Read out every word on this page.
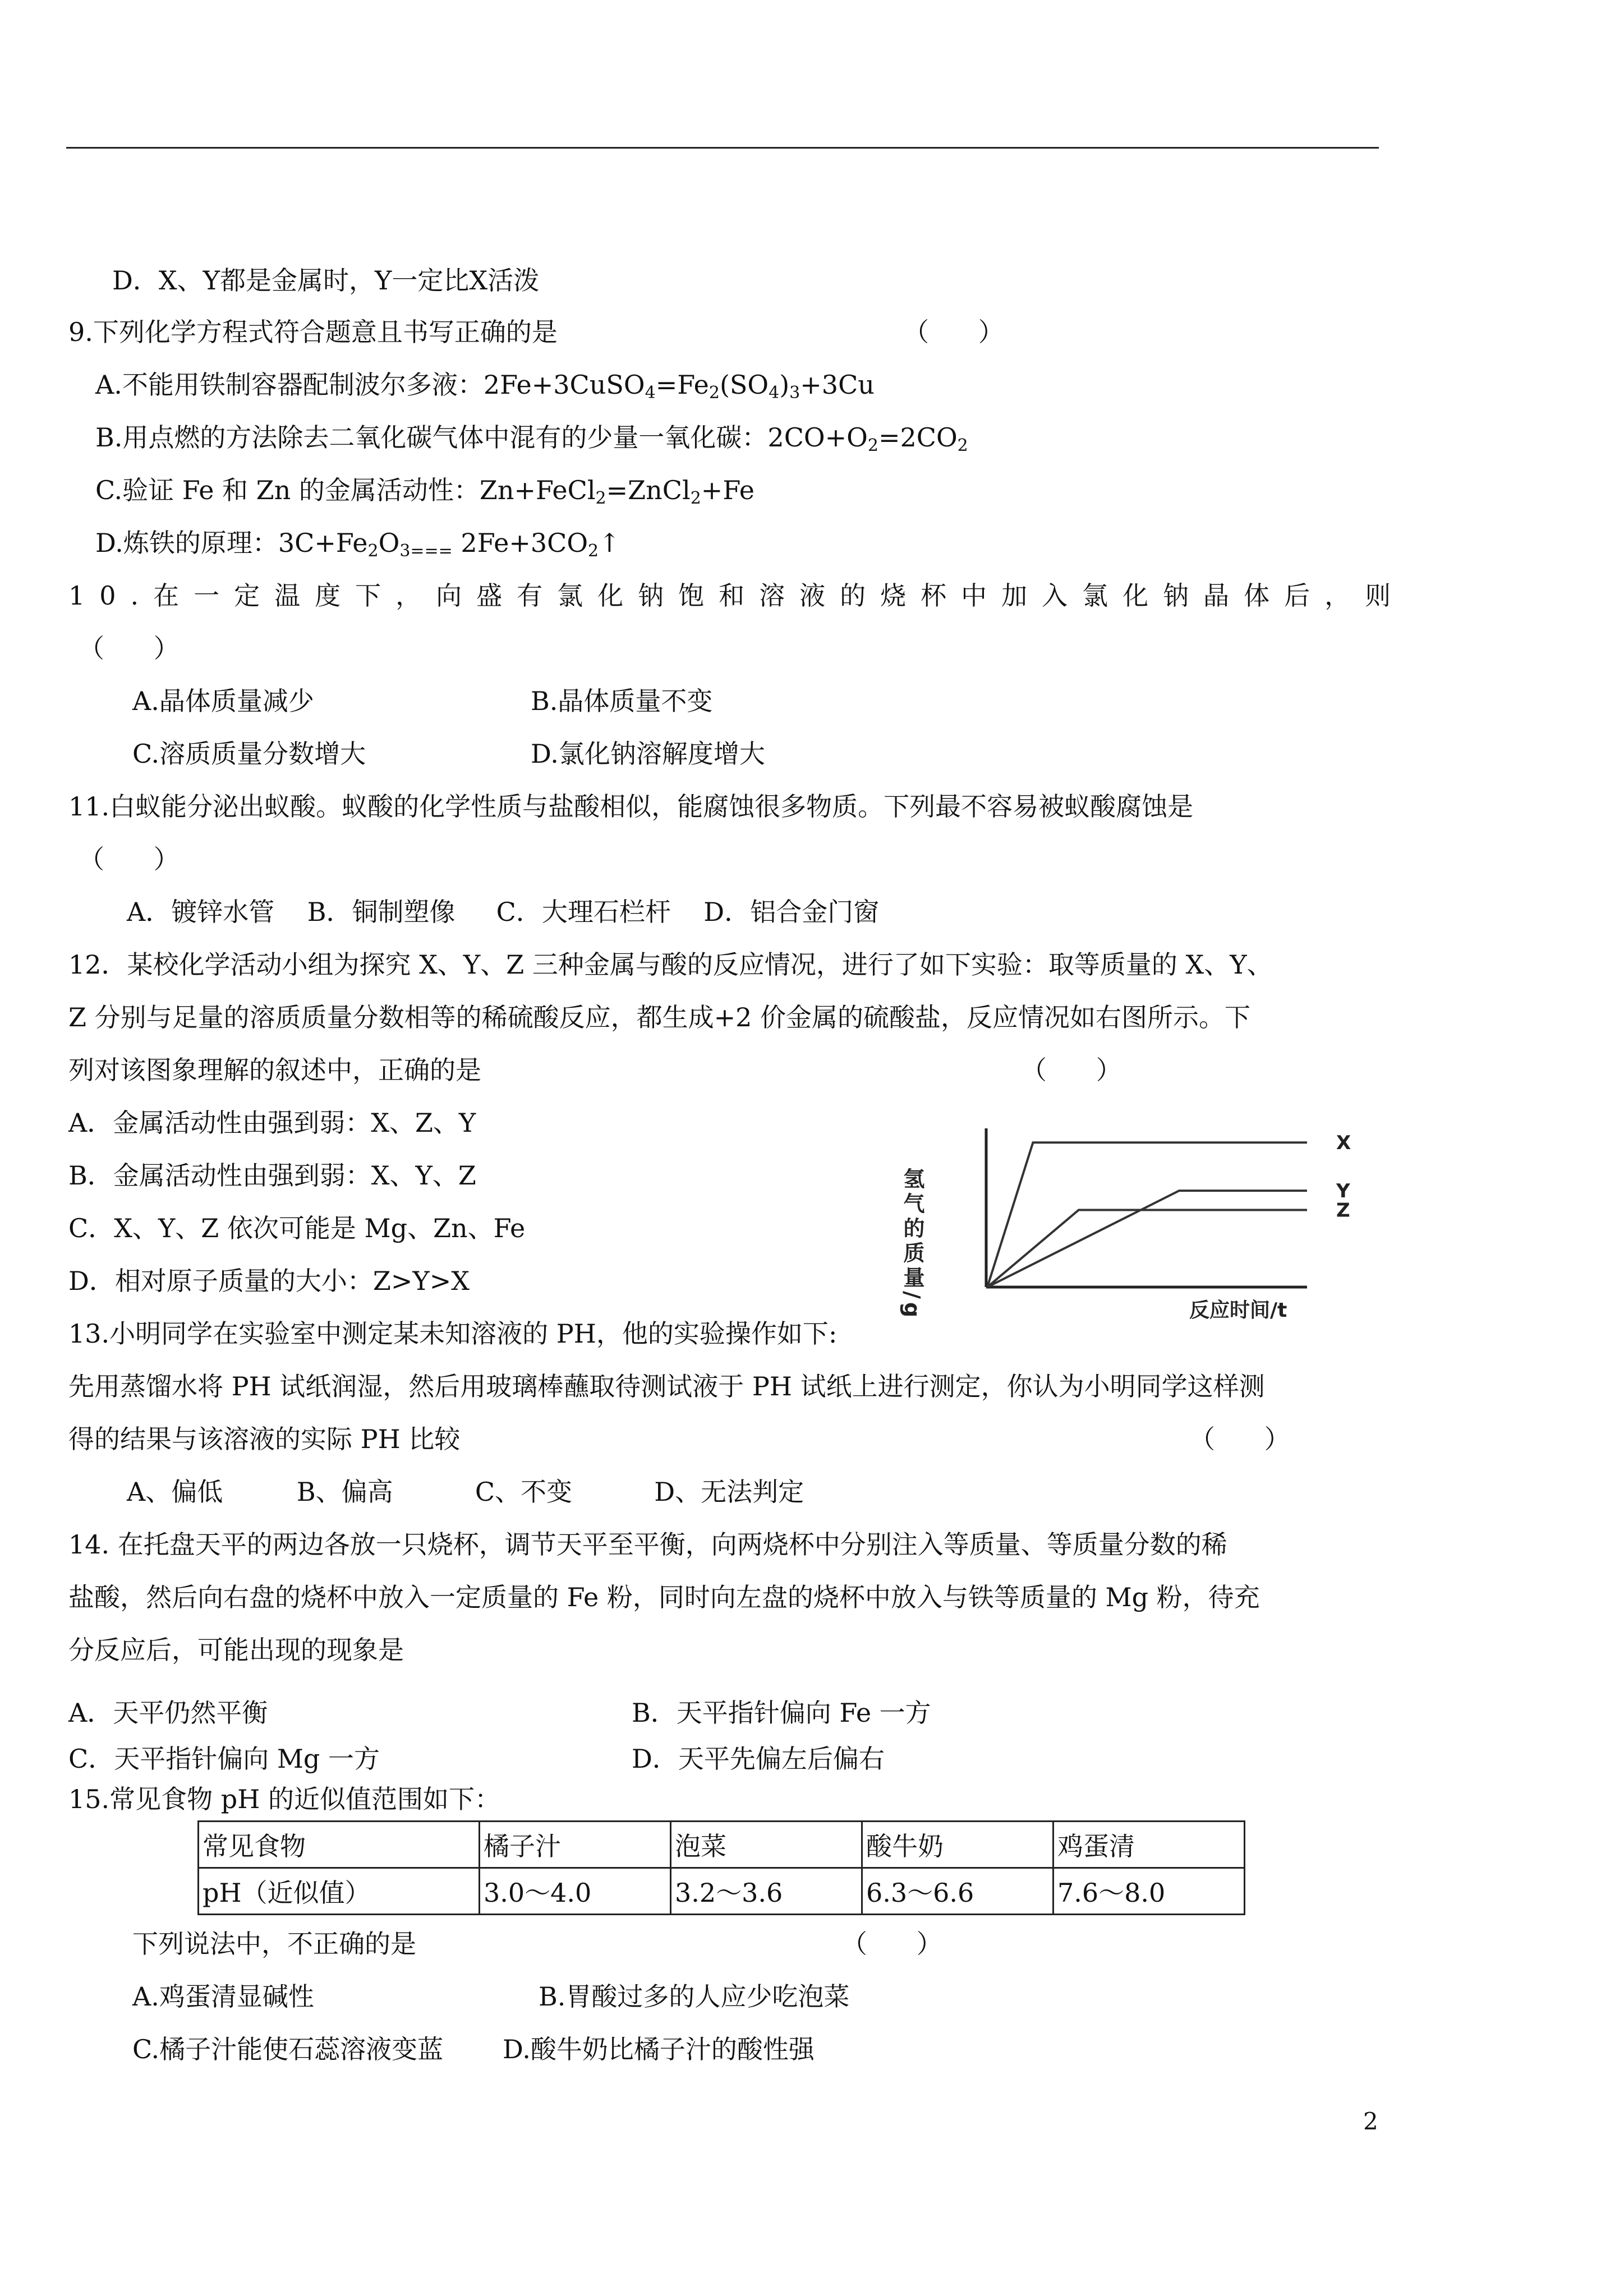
D．X、Y都是金属时，Y一定比X活泼
9.下列化学方程式符合题意且书写正确的是	（      ）
A.不能用铁制容器配制波尔多液：$2Fe+3CuSO_4=Fe_2(SO_4)_3+3Cu$
B.用点燃的方法除去二氧化碳气体中混有的少量一氧化碳：$2CO+O_2=2CO_2$
C.验证 Fe 和 Zn 的金属活动性：Zn+FeCl$_2$=ZnCl$_2$+Fe
D.炼铁的原理：$3C+Fe_2O_{3===}$ $2Fe+3CO_2↑$
10.在一定温度下，向盛有氯化钠饱和溶液的烧杯中加入氯化钠晶体后，则
（      ）
A.晶体质量减少	B.晶体质量不变
C.溶质质量分数增大	D.氯化钠溶解度增大
11.白蚁能分泌出蚁酸。蚁酸的化学性质与盐酸相似，能腐蚀很多物质。下列最不容易被蚁酸腐蚀是
（      ）
A．镀锌水管    B．铜制塑像     C．大理石栏杆    D．铝合金门窗
12．某校化学活动小组为探究 X、Y、Z 三种金属与酸的反应情况，进行了如下实验：取等质量的 X、Y、
Z 分别与足量的溶质质量分数相等的稀硫酸反应，都生成+2 价金属的硫酸盐，反应情况如右图所示。下
列对该图象理解的叙述中，正确的是	（      ）
A．金属活动性由强到弱：X、Z、Y
B．金属活动性由强到弱：X、Y、Z
C．X、Y、Z 依次可能是 Mg、Zn、Fe
D．相对原子质量的大小：Z>Y>X	氢气的质量/g
X
Y
Z
反应时间/t
13.小明同学在实验室中测定某未知溶液的 PH，他的实验操作如下:
先用蒸馏水将 PH 试纸润湿，然后用玻璃棒蘸取待测试液于 PH 试纸上进行测定，你认为小明同学这样测
得的结果与该溶液的实际 PH 比较	（      ）
A、偏低         B、偏高          C、不变          D、无法判定
14. 在托盘天平的两边各放一只烧杯，调节天平至平衡，向两烧杯中分别注入等质量、等质量分数的稀
盐酸，然后向右盘的烧杯中放入一定质量的 Fe 粉，同时向左盘的烧杯中放入与铁等质量的 Mg 粉，待充
分反应后，可能出现的现象是
A．天平仍然平衡	B．天平指针偏向 Fe 一方
C．天平指针偏向 Mg 一方	D．天平先偏左后偏右
15.常见食物 pH 的近似值范围如下：
常见食物	橘子汁	泡菜	酸牛奶	鸡蛋清
pH（近似值）	3.0～4.0	3.2～3.6	6.3～6.6	7.6～8.0
下列说法中，不正确的是	（      ）
A.鸡蛋清显碱性	B.胃酸过多的人应少吃泡菜
C.橘子汁能使石蕊溶液变蓝 D.酸牛奶比橘子汁的酸性强
2
